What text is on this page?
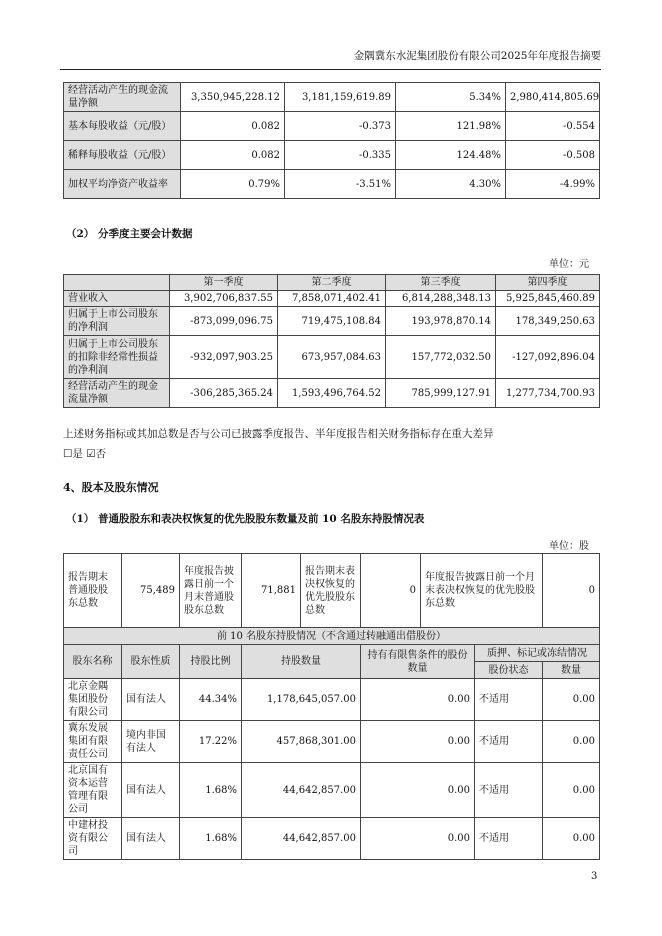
金隅冀东水泥集团股份有限公司2025年年度报告摘要
经营活动产生的现金流量净额	3,350,945,228.12	3,181,159,619.89	5.34%	2,980,414,805.69
基本每股收益（元/股）	0.082	-0.373	121.98%	-0.554
稀释每股收益（元/股）	0.082	-0.335	124.48%	-0.508
加权平均净资产收益率	0.79%	-3.51%	4.30%	-4.99%
（2） 分季度主要会计数据
单位：元
	第一季度	第二季度	第三季度	第四季度
营业收入	3,902,706,837.55	7,858,071,402.41	6,814,288,348.13	5,925,845,460.89
归属于上市公司股东的净利润	-873,099,096.75	719,475,108.84	193,978,870.14	178,349,250.63
归属于上市公司股东的扣除非经常性损益的净利润	-932,097,903.25	673,957,084.63	157,772,032.50	-127,092,896.04
经营活动产生的现金流量净额	-306,285,365.24	1,593,496,764.52	785,999,127.91	1,277,734,700.93
上述财务指标或其加总数是否与公司已披露季度报告、半年度报告相关财务指标存在重大差异
☐是 ☑否
4、股本及股东情况
（1） 普通股股东和表决权恢复的优先股股东数量及前 10 名股东持股情况表
单位：股
报告期末普通股股东总数	75,489	年度报告披露日前一个月末普通股股东总数	71,881	报告期末表决权恢复的优先股股东总数	0	年度报告披露日前一个月末表决权恢复的优先股股东总数		0
前 10 名股东持股情况（不含通过转融通出借股份）								
股东名称	股东性质	持股比例	持股数量		持有有限售条件的股份数量		质押、标记或冻结情况	
							股份状态	数量
北京金隅集团股份有限公司	国有法人	44.34%	1,178,645,057.00		0.00		不适用	0.00
冀东发展集团有限责任公司	境内非国有法人	17.22%	457,868,301.00		0.00		不适用	0.00
北京国有资本运营管理有限公司	国有法人	1.68%	44,642,857.00		0.00		不适用	0.00
中建材投资有限公司	国有法人	1.68%	44,642,857.00		0.00		不适用	0.00
3
